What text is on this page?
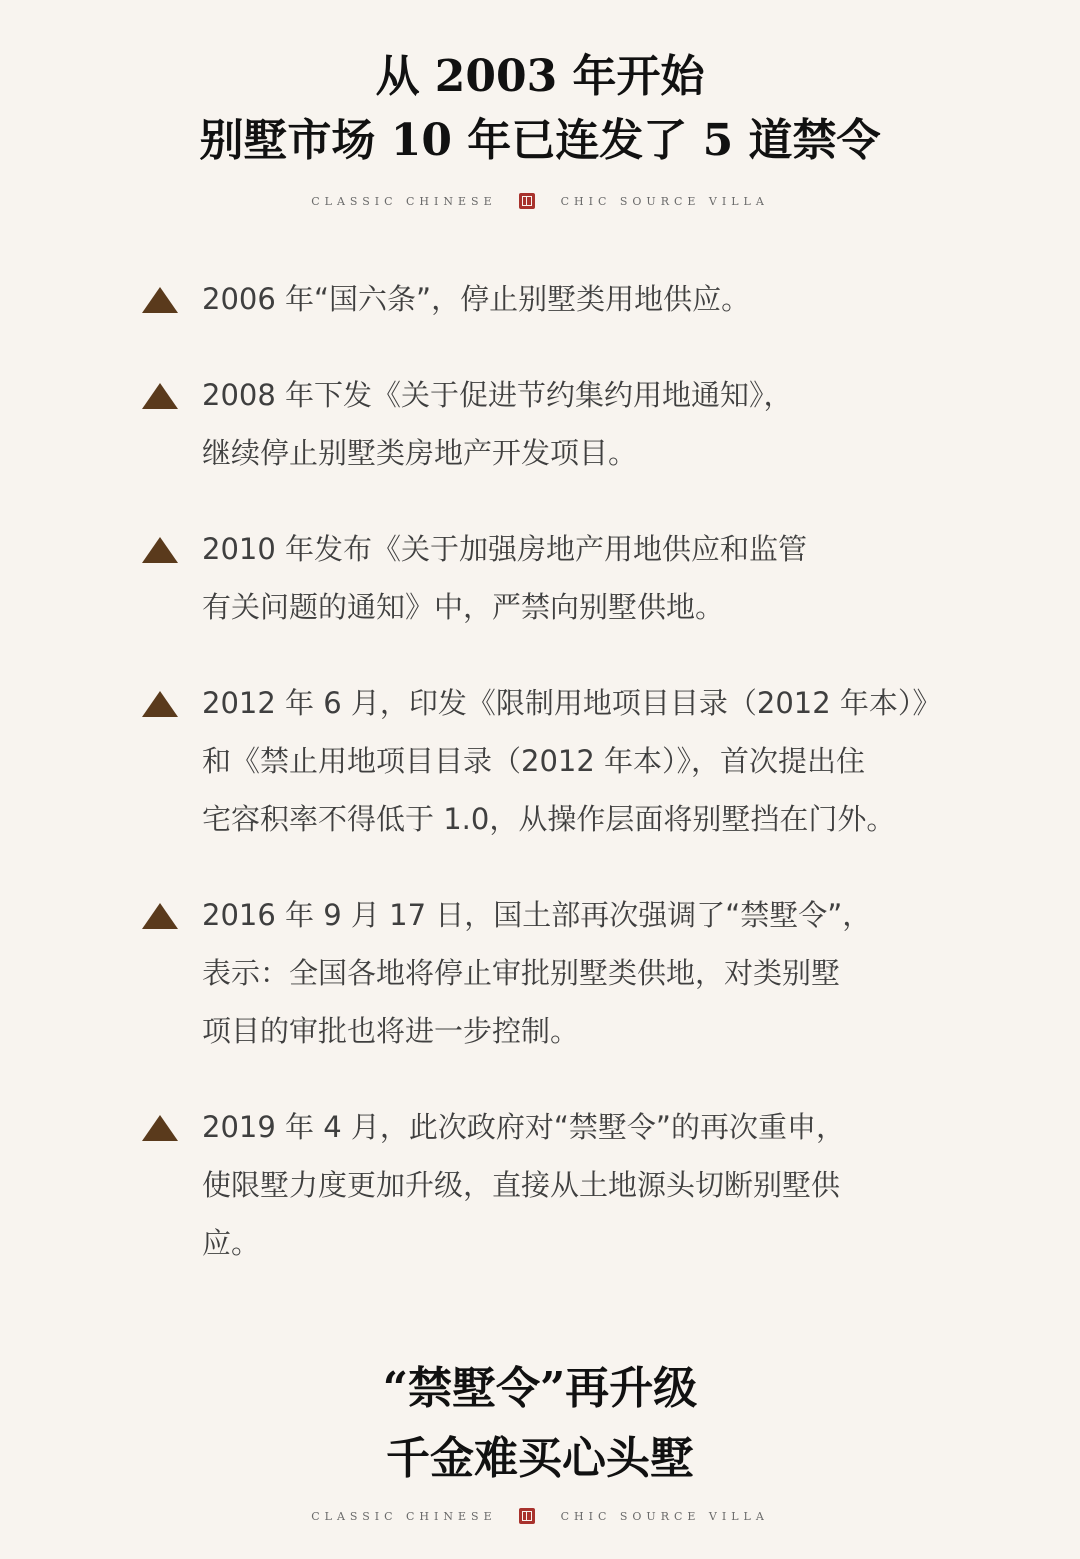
从 2003 年开始
别墅市场 10 年已连发了 5 道禁令
CLASSIC CHINESE	CHIC SOURCE VILLA
2006 年“国六条”，停止别墅类用地供应。
2008 年下发《关于促进节约集约用地通知》，
继续停止别墅类房地产开发项目。
2010 年发布《关于加强房地产用地供应和监管
有关问题的通知》中，严禁向别墅供地。
2012 年 6 月，印发《限制用地项目目录（2012 年本）》
和《禁止用地项目目录（2012 年本）》，首次提出住
宅容积率不得低于 1.0，从操作层面将别墅挡在门外。
2016 年 9 月 17 日，国土部再次强调了“禁墅令”，
表示：全国各地将停止审批别墅类供地，对类别墅
项目的审批也将进一步控制。
2019 年 4 月，此次政府对“禁墅令”的再次重申，
使限墅力度更加升级，直接从土地源头切断别墅供
应。
“禁墅令”再升级
千金难买心头墅
CLASSIC CHINESE	CHIC SOURCE VILLA
